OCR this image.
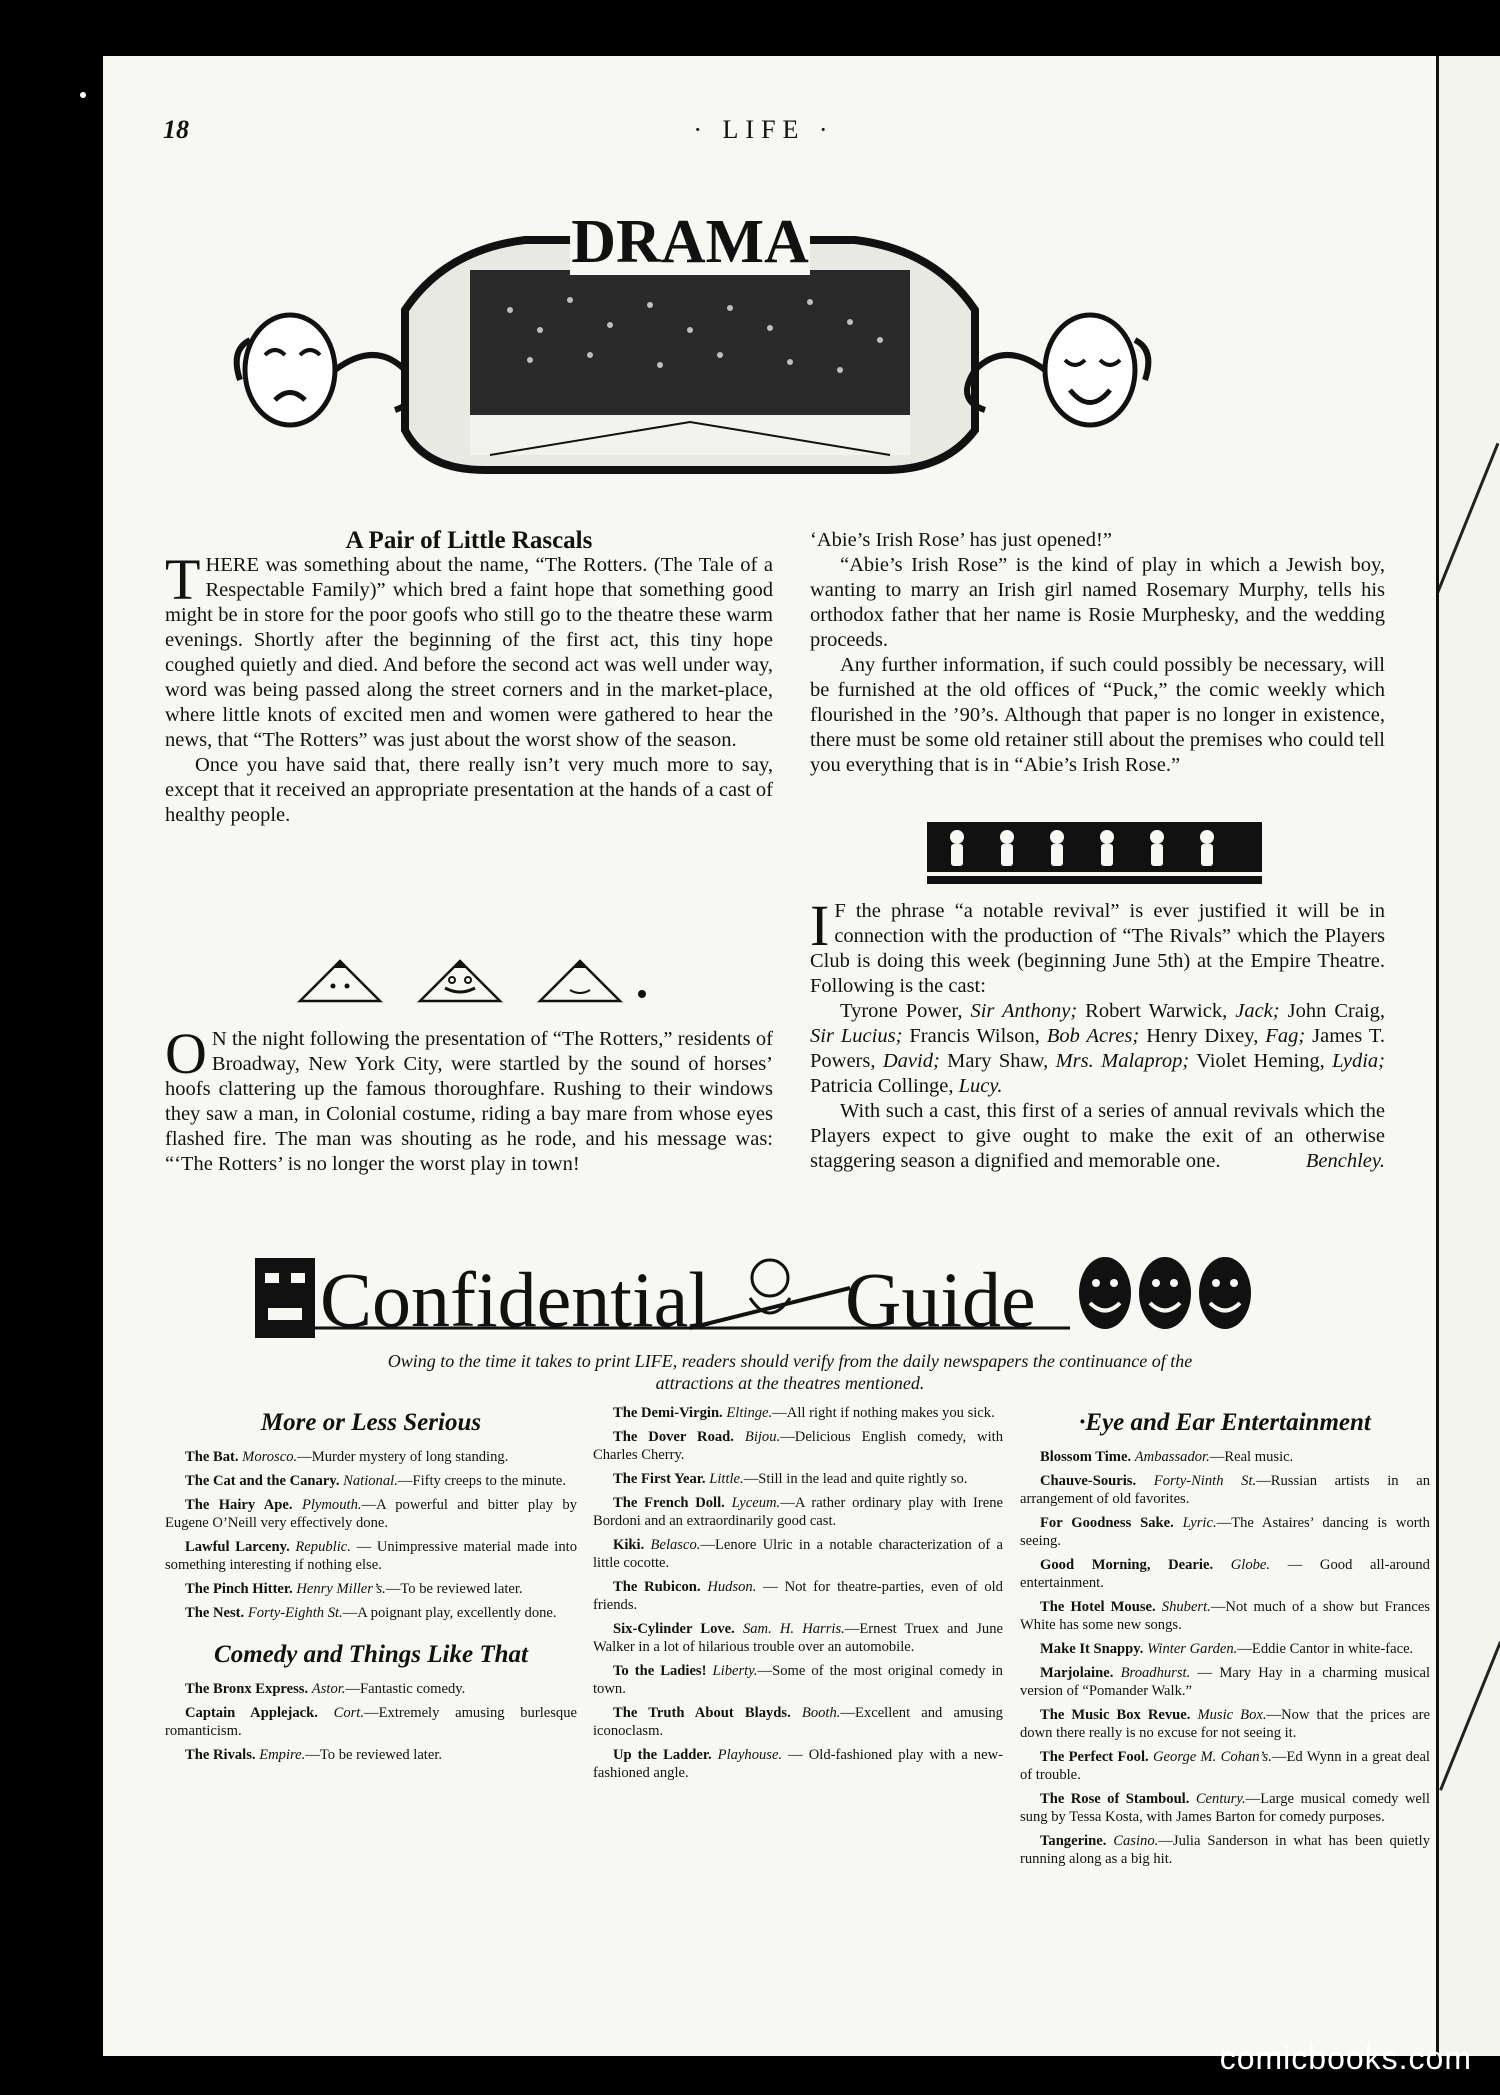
18	· LIFE ·
DRAMA

A Pair of Little Rascals

THERE was something about the name, “The Rotters. (The Tale of a Respectable Family)” which bred a faint hope that something good might be in store for the poor goofs who still go to the theatre these warm evenings. Shortly after the beginning of the first act, this tiny hope coughed quietly and died. And before the second act was well under way, word was being passed along the street corners and in the market-place, where little knots of excited men and women were gathered to hear the news, that “The Rotters” was just about the worst show of the season.

Once you have said that, there really isn’t very much more to say, except that it received an appropriate presentation at the hands of a cast of healthy people.

O N the night following the presentation of “The Rotters,” residents of Broadway, New York City, were startled by the sound of horses’ hoofs clattering up the famous thoroughfare. Rushing to their windows they saw a man, in Colonial costume, riding a bay mare from whose eyes flashed fire. The man was shouting as he rode, and his message was: “‘The Rotters’ is no longer the worst play in town!

‘Abie’s Irish Rose’ has just opened!”

“Abie’s Irish Rose” is the kind of play in which a Jewish boy, wanting to marry an Irish girl named Rosemary Murphy, tells his orthodox father that her name is Rosie Murphesky, and the wedding proceeds.

Any further information, if such could possibly be necessary, will be furnished at the old offices of “Puck,” the comic weekly which flourished in the ’90’s. Although that paper is no longer in existence, there must be some old retainer still about the premises who could tell you everything that is in “Abie’s Irish Rose.”

I F the phrase “a notable revival” is ever justified it will be in connection with the production of “The Rivals” which the Players Club is doing this week (beginning June 5th) at the Empire Theatre. Following is the cast:

Tyrone Power, Sir Anthony; Robert Warwick, Jack; John Craig, Sir Lucius; Francis Wilson, Bob Acres; Henry Dixey, Fag; James T. Powers, David; Mary Shaw, Mrs. Malaprop; Violet Heming, Lydia; Patricia Collinge, Lucy.

With such a cast, this first of a series of annual revivals which the Players expect to give ought to make the exit of an otherwise staggering season a dignified and memorable one.	Benchley.

Confidential Guide
Owing to the time it takes to print LIFE, readers should verify from the daily newspapers the continuance of the attractions at the theatres mentioned.
More or Less Serious

The Bat. Morosco.—Murder mystery of long standing.

The Cat and the Canary. National.—Fifty creeps to the minute.

The Hairy Ape. Plymouth.—A powerful and bitter play by Eugene O’Neill very effectively done.

Lawful Larceny. Republic. — Unimpressive material made into something interesting if nothing else.

The Pinch Hitter. Henry Miller’s.—To be reviewed later.

The Nest. Forty-Eighth St.—A poignant play, excellently done.

Comedy and Things Like That

The Bronx Express. Astor.—Fantastic comedy.

Captain Applejack. Cort.—Extremely amusing burlesque romanticism.

The Rivals. Empire.—To be reviewed later.

The Demi-Virgin. Eltinge.—All right if nothing makes you sick.

The Dover Road. Bijou.—Delicious English comedy, with Charles Cherry.

The First Year. Little.—Still in the lead and quite rightly so.

The French Doll. Lyceum.—A rather ordinary play with Irene Bordoni and an extraordinarily good cast.

Kiki. Belasco.—Lenore Ulric in a notable characterization of a little cocotte.

The Rubicon. Hudson. — Not for theatre-parties, even of old friends.

Six-Cylinder Love. Sam. H. Harris.—Ernest Truex and June Walker in a lot of hilarious trouble over an automobile.

To the Ladies! Liberty.—Some of the most original comedy in town.

The Truth About Blayds. Booth.—Excellent and amusing iconoclasm.

Up the Ladder. Playhouse. — Old-fashioned play with a new-fashioned angle.

·Eye and Ear Entertainment

Blossom Time. Ambassador.—Real music.

Chauve-Souris. Forty-Ninth St.—Russian artists in an arrangement of old favorites.

For Goodness Sake. Lyric.—The Astaires’ dancing is worth seeing.

Good Morning, Dearie. Globe. — Good all-around entertainment.

The Hotel Mouse. Shubert.—Not much of a show but Frances White has some new songs.

Make It Snappy. Winter Garden.—Eddie Cantor in white-face.

Marjolaine. Broadhurst. — Mary Hay in a charming musical version of “Pomander Walk.”

The Music Box Revue. Music Box.—Now that the prices are down there really is no excuse for not seeing it.

The Perfect Fool. George M. Cohan’s.—Ed Wynn in a great deal of trouble.

The Rose of Stamboul. Century.—Large musical comedy well sung by Tessa Kosta, with James Barton for comedy purposes.

Tangerine. Casino.—Julia Sanderson in what has been quietly running along as a big hit.

comicbooks.com
